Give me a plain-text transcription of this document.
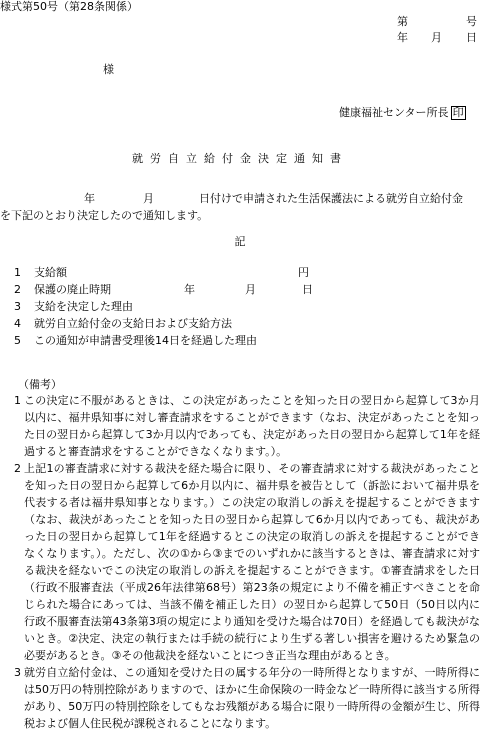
様式第50号（第28条関係）
第	号
年 月 日
様
健康福祉センター所長 印
就労自立給付金決定通知書
年	月	日付けで申請された生活保護法による就労自立給付金
を下記のとおり決定したので通知します。
記
1 支給額	円
2 保護の廃止時期	年	月	日
3 支給を決定した理由
4 就労自立給付金の支給日および支給方法
5 この通知が申請書受理後14日を経過した理由
（備考）
1 この決定に不服があるときは、この決定があったことを知った日の翌日から起算して3か月以内に、福井県知事に対し審査請求をすることができます（なお、決定があったことを知った日の翌日から起算して3か月以内であっても、決定があった日の翌日から起算して1年を経過すると審査請求をすることができなくなります。）。
2 上記1の審査請求に対する裁決を経た場合に限り、その審査請求に対する裁決があったことを知った日の翌日から起算して6か月以内に、福井県を被告として（訴訟において福井県を代表する者は福井県知事となります。）この決定の取消しの訴えを提起することができます（なお、裁決があったことを知った日の翌日から起算して6か月以内であっても、裁決があった日の翌日から起算して1年を経過するとこの決定の取消しの訴えを提起することができなくなります。）。ただし、次の①から③までのいずれかに該当するときは、審査請求に対する裁決を経ないでこの決定の取消しの訴えを提起することができます。①審査請求をした日（行政不服審査法（平成26年法律第68号）第23条の規定により不備を補正すべきことを命じられた場合にあっては、当該不備を補正した日）の翌日から起算して50日（50日以内に行政不服審査法第43条第3項の規定により通知を受けた場合は70日）を経過しても裁決がないとき。②決定、決定の執行または手続の続行により生ずる著しい損害を避けるため緊急の必要があるとき。③その他裁決を経ないことにつき正当な理由があるとき。
3 就労自立給付金は、この通知を受けた日の属する年分の一時所得となりますが、一時所得には50万円の特別控除がありますので、ほかに生命保険の一時金など一時所得に該当する所得があり、50万円の特別控除をしてもなお残額がある場合に限り一時所得の金額が生じ、所得税および個人住民税が課税されることになります。
